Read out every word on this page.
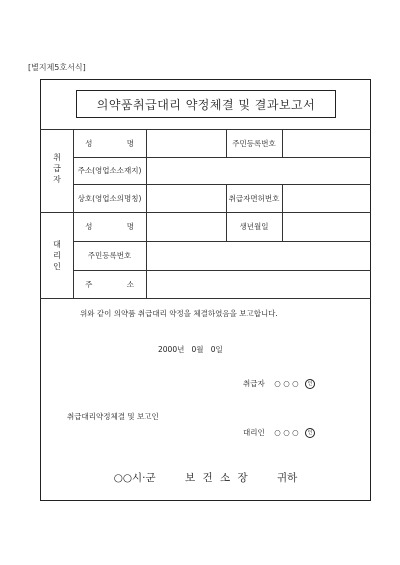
[별지제5호서식]
의약품취급대리 약정체결 및 결과보고서
취
급
자
대
리
인
성 명	주민등록번호
주소(영업소소재지)
상호(영업소의명칭)	취급자면허번호
성 명	생년월일
주민등록번호
주 소
위와 같이 의약품 취급대리 약정을 체결하였음을 보고합니다.
2000년 0월 0일
취급자 ○ ○ ○ 인
취급대리약정체결 및 보고인
대리인 ○ ○ ○ 인
○○시·군	보 건 소 장	귀하
